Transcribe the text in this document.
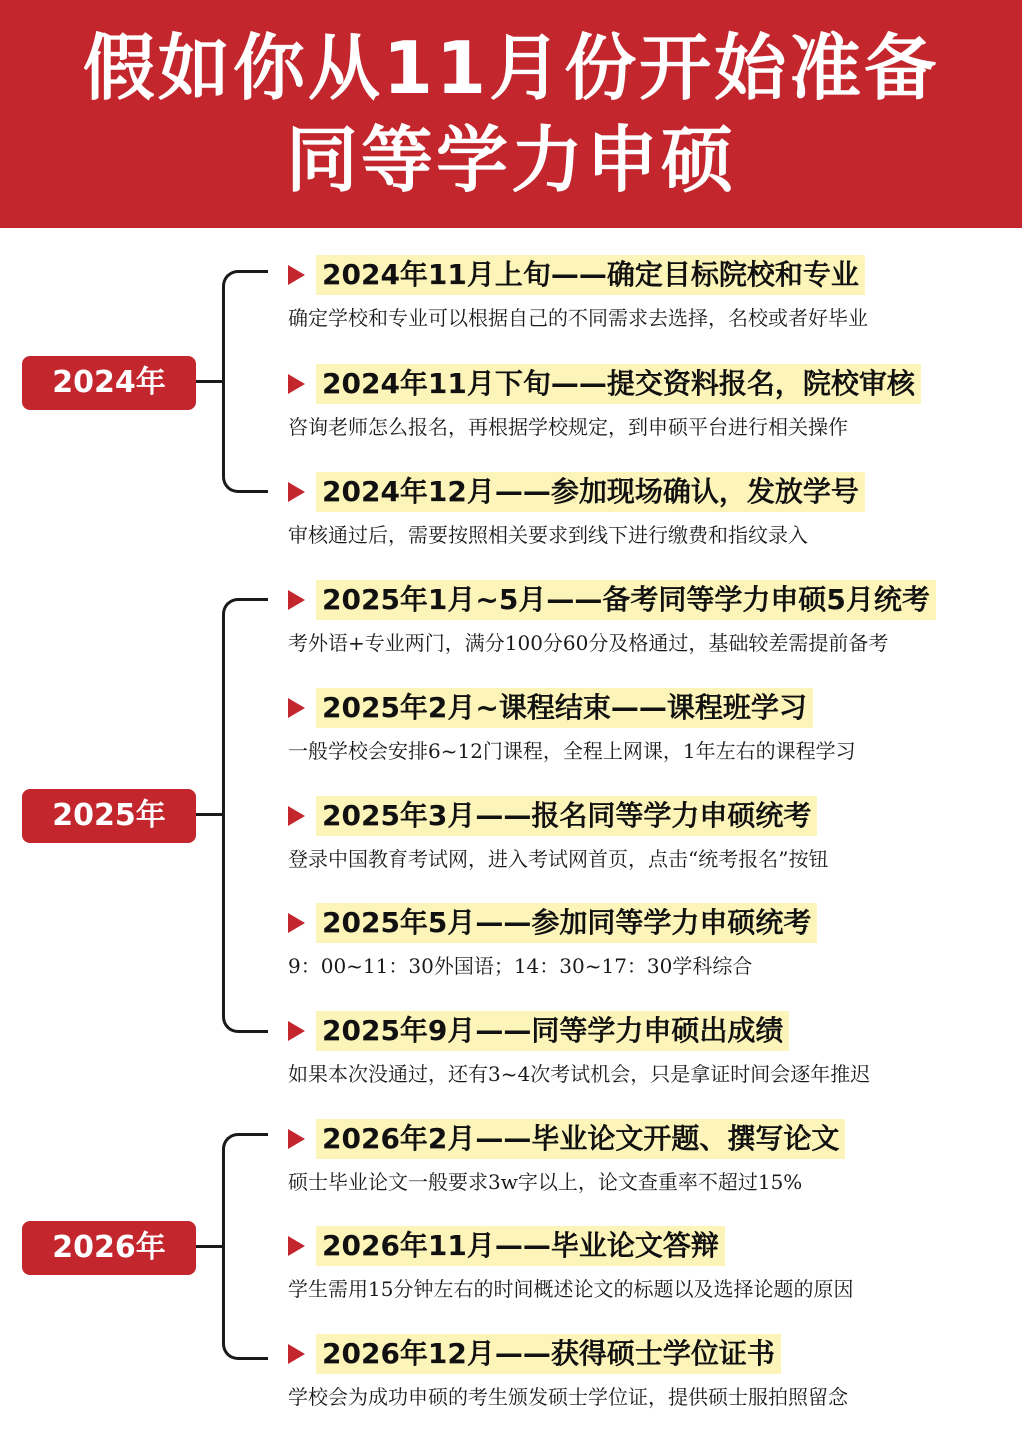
假如你从11月份开始准备
同等学力申硕
2024年
2024年11月上旬——确定目标院校和专业
确定学校和专业可以根据自己的不同需求去选择，名校或者好毕业
2024年11月下旬——提交资料报名，院校审核
咨询老师怎么报名，再根据学校规定，到申硕平台进行相关操作
2024年12月——参加现场确认，发放学号
审核通过后，需要按照相关要求到线下进行缴费和指纹录入
2025年
2025年1月~5月——备考同等学力申硕5月统考
考外语+专业两门，满分100分60分及格通过，基础较差需提前备考
2025年2月~课程结束——课程班学习
一般学校会安排6~12门课程，全程上网课，1年左右的课程学习
2025年3月——报名同等学力申硕统考
登录中国教育考试网，进入考试网首页，点击“统考报名”按钮
2025年5月——参加同等学力申硕统考
9：00~11：30外国语；14：30~17：30学科综合
2025年9月——同等学力申硕出成绩
如果本次没通过，还有3~4次考试机会，只是拿证时间会逐年推迟
2026年
2026年2月——毕业论文开题、撰写论文
硕士毕业论文一般要求3w字以上，论文查重率不超过15%
2026年11月——毕业论文答辩
学生需用15分钟左右的时间概述论文的标题以及选择论题的原因
2026年12月——获得硕士学位证书
学校会为成功申硕的考生颁发硕士学位证，提供硕士服拍照留念
